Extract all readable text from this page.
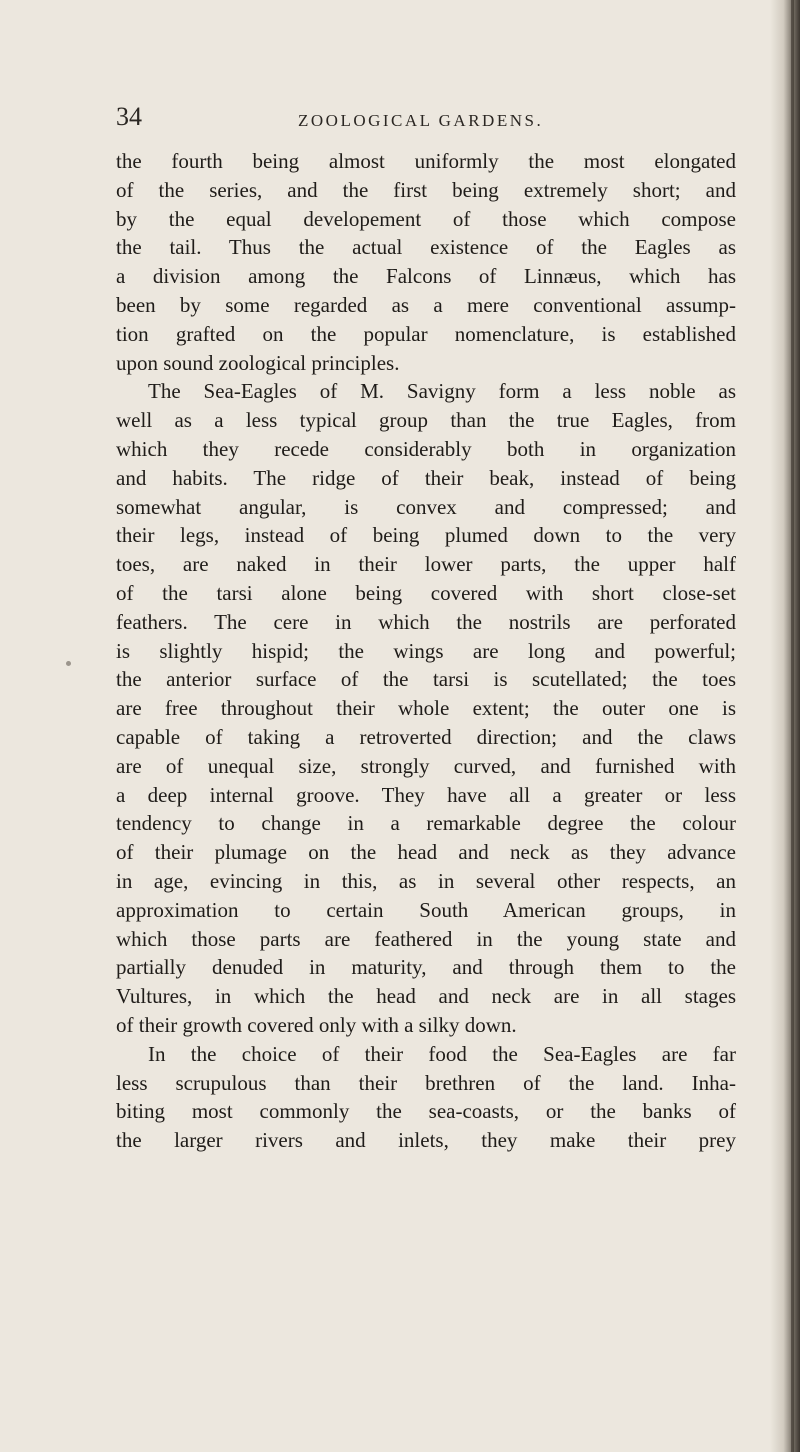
34	ZOOLOGICAL GARDENS.
the fourth being almost uniformly the most elongated
of the series, and the first being extremely short; and
by the equal developement of those which compose
the tail. Thus the actual existence of the Eagles as
a division among the Falcons of Linnæus, which has
been by some regarded as a mere conventional assump-
tion grafted on the popular nomenclature, is established
upon sound zoological principles.
The Sea-Eagles of M. Savigny form a less noble as
well as a less typical group than the true Eagles, from
which they recede considerably both in organization
and habits. The ridge of their beak, instead of being
somewhat angular, is convex and compressed; and
their legs, instead of being plumed down to the very
toes, are naked in their lower parts, the upper half
of the tarsi alone being covered with short close-set
feathers. The cere in which the nostrils are perforated
is slightly hispid; the wings are long and powerful;
the anterior surface of the tarsi is scutellated; the toes
are free throughout their whole extent; the outer one is
capable of taking a retroverted direction; and the claws
are of unequal size, strongly curved, and furnished with
a deep internal groove. They have all a greater or less
tendency to change in a remarkable degree the colour
of their plumage on the head and neck as they advance
in age, evincing in this, as in several other respects, an
approximation to certain South American groups, in
which those parts are feathered in the young state and
partially denuded in maturity, and through them to the
Vultures, in which the head and neck are in all stages
of their growth covered only with a silky down.
In the choice of their food the Sea-Eagles are far
less scrupulous than their brethren of the land. Inha-
biting most commonly the sea-coasts, or the banks of
the larger rivers and inlets, they make their prey
